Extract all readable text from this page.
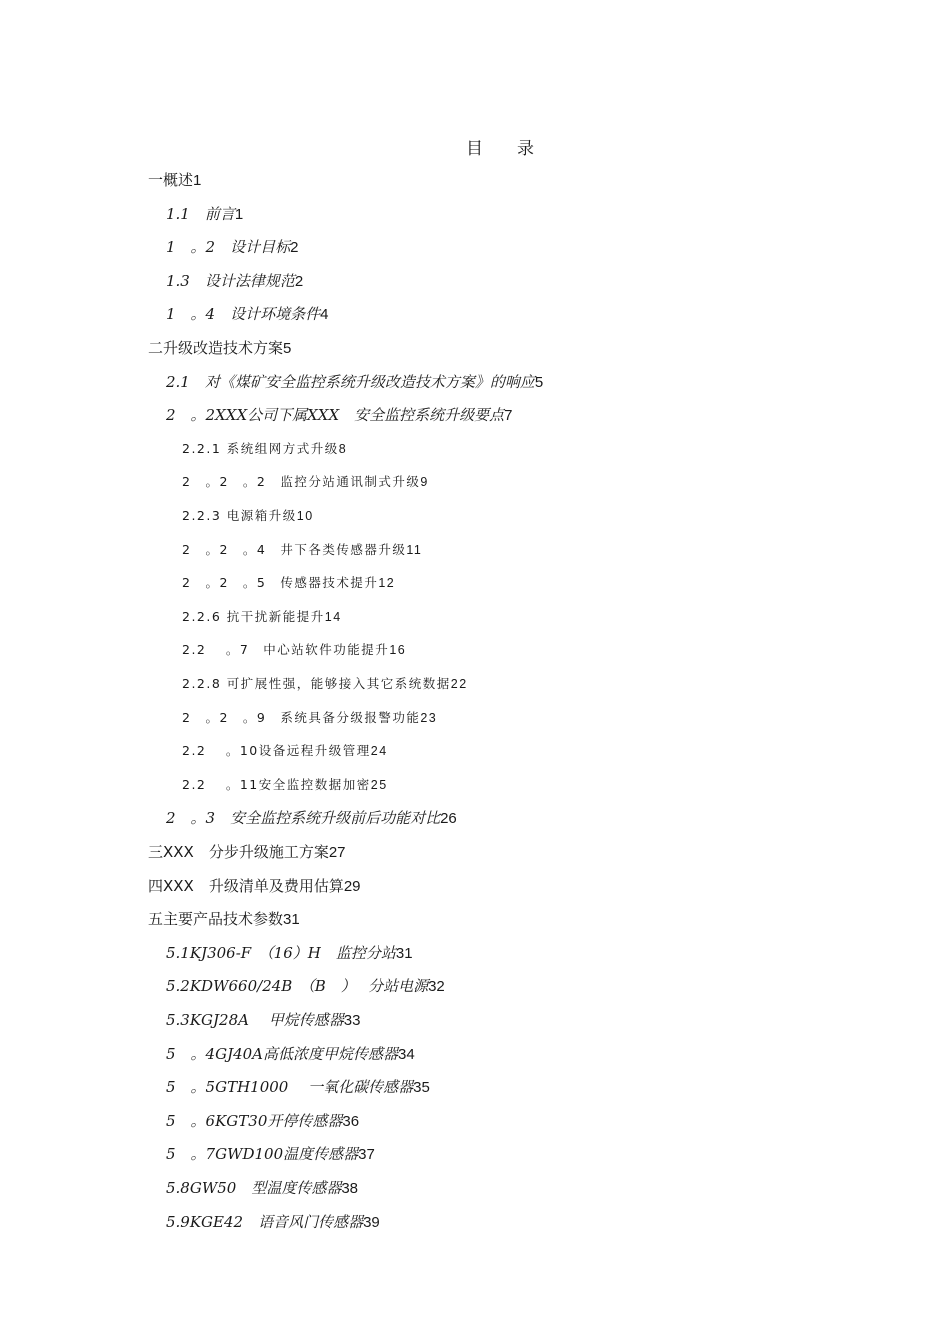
目　　录
一概述1
1.1　前言1
1　。2　设计目标2
1.3　设计法律规范2
1　。4　设计环境条件4
二升级改造技术方案5
2.1　对《煤矿安全监控系统升级改造技术方案》的响应5
2　。2XXX公司下属XXX　安全监控系统升级要点7
2.2.1 系统组网方式升级8
2　。2　。2　监控分站通讯制式升级9
2.2.3 电源箱升级10
2　。2　。4　井下各类传感器升级11
2　。2　。5　传感器技术提升12
2.2.6 抗干扰新能提升14
2.2　 。7　中心站软件功能提升16
2.2.8 可扩展性强，能够接入其它系统数据22
2　。2　。9　系统具备分级报警功能23
2.2　 。10设备远程升级管理24
2.2　 。11安全监控数据加密25
2　。3　安全监控系统升级前后功能对比26
三XXX　分步升级施工方案27
四XXX　升级清单及费用估算29
五主要产品技术参数31
5.1KJ306-F　（16）H　监控分站31
5.2KDW660/24B　（B　）　 分站电源32
5.3KGJ28A　 甲烷传感器33
5　。4GJ40A高低浓度甲烷传感器34
5　。5GTH1000　 一氧化碳传感器35
5　。6KGT30开停传感器36
5　。7GWD100温度传感器37
5.8GW50　型温度传感器38
5.9KGE42　语音风门传感器39
